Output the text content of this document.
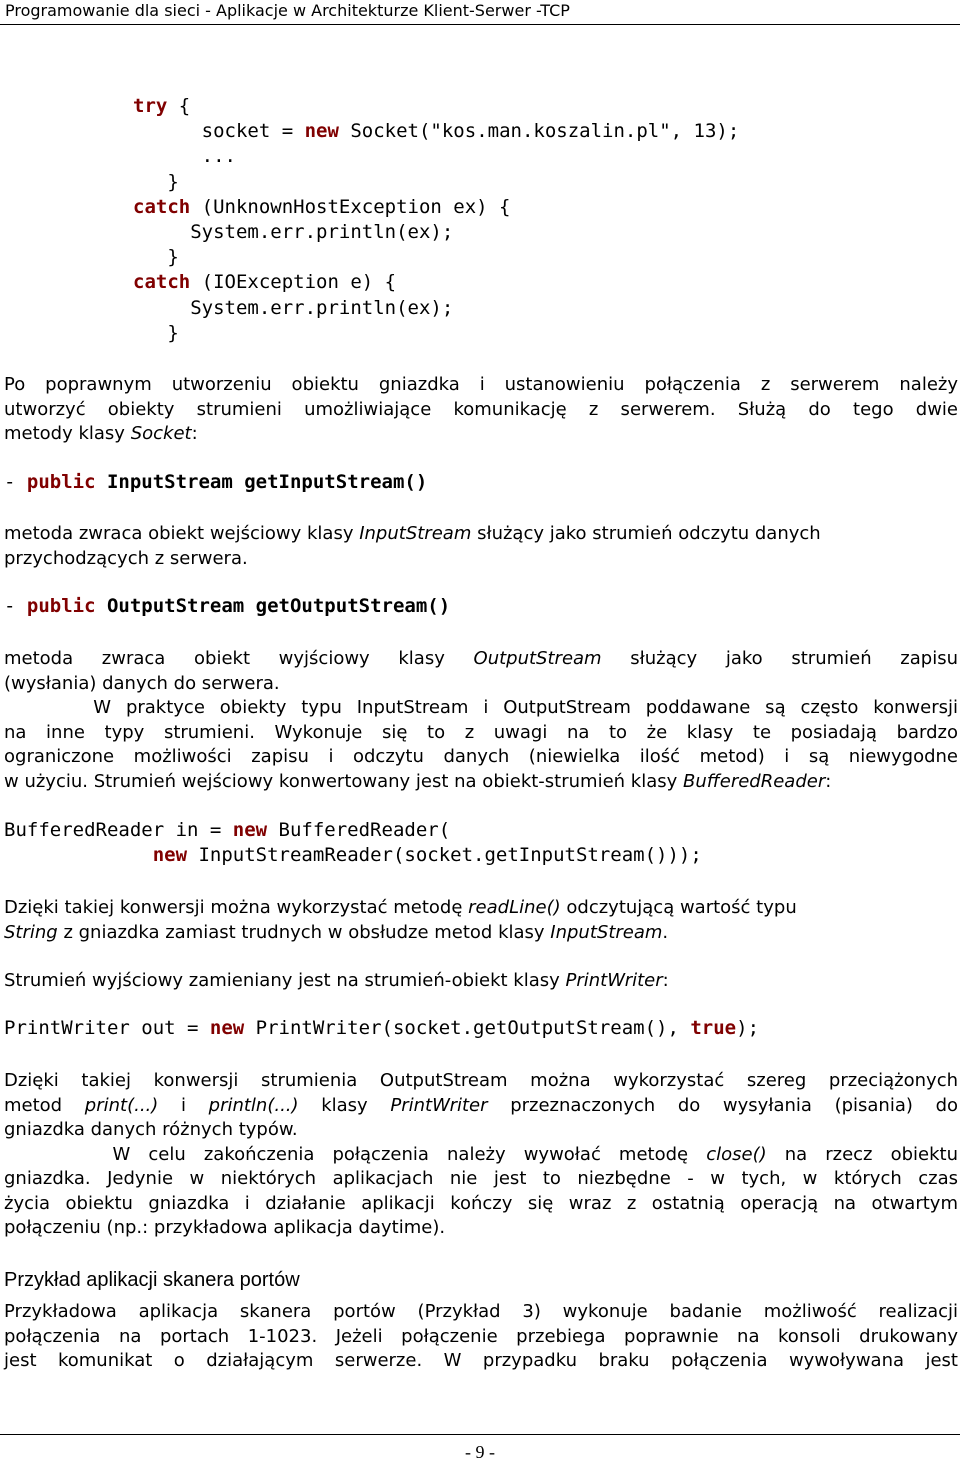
Programowanie dla sieci - Aplikacje w Architekturze Klient-Serwer -TCP
try {
socket = new Socket("kos.man.koszalin.pl", 13);
...
}
catch (UnknownHostException ex) {
System.err.println(ex);
}
catch (IOException e) {
System.err.println(ex);
}
Po poprawnym utworzeniu obiektu gniazdka i ustanowieniu połączenia z serwerem należy
utworzyć obiekty strumieni umożliwiające komunikację z serwerem. Służą do tego dwie
metody klasy Socket:
- public InputStream getInputStream()
metoda zwraca obiekt wejściowy klasy InputStream służący jako strumień odczytu danych
przychodzących z serwera.
- public OutputStream getOutputStream()
metoda zwraca obiekt wyjściowy klasy OutputStream służący jako strumień zapisu
(wysłania) danych do serwera.
W praktyce obiekty typu InputStream i OutputStream poddawane są często konwersji
na inne typy strumieni. Wykonuje się to z uwagi na to że klasy te posiadają bardzo
ograniczone możliwości zapisu i odczytu danych (niewielka ilość metod) i są niewygodne
w użyciu. Strumień wejściowy konwertowany jest na obiekt-strumień klasy BufferedReader:
BufferedReader in = new BufferedReader(
new InputStreamReader(socket.getInputStream()));
Dzięki takiej konwersji można wykorzystać metodę readLine() odczytującą wartość typu
String z gniazdka zamiast trudnych w obsłudze metod klasy InputStream.
Strumień wyjściowy zamieniany jest na strumień-obiekt klasy PrintWriter:
PrintWriter out = new PrintWriter(socket.getOutputStream(), true);
Dzięki takiej konwersji strumienia OutputStream można wykorzystać szereg przeciążonych
metod print(...) i println(...) klasy PrintWriter przeznaczonych do wysyłania (pisania) do
gniazdka danych różnych typów.
W celu zakończenia połączenia należy wywołać metodę close() na rzecz obiektu
gniazdka. Jedynie w niektórych aplikacjach nie jest to niezbędne - w tych, w których czas
życia obiektu gniazdka i działanie aplikacji kończy się wraz z ostatnią operacją na otwartym
połączeniu (np.: przykładowa aplikacja daytime).
Przykład aplikacji skanera portów
Przykładowa aplikacja skanera portów (Przykład 3) wykonuje badanie możliwość realizacji
połączenia na portach 1-1023. Jeżeli połączenie przebiega poprawnie na konsoli drukowany
jest komunikat o działającym serwerze. W przypadku braku połączenia wywoływana jest
- 9 -
